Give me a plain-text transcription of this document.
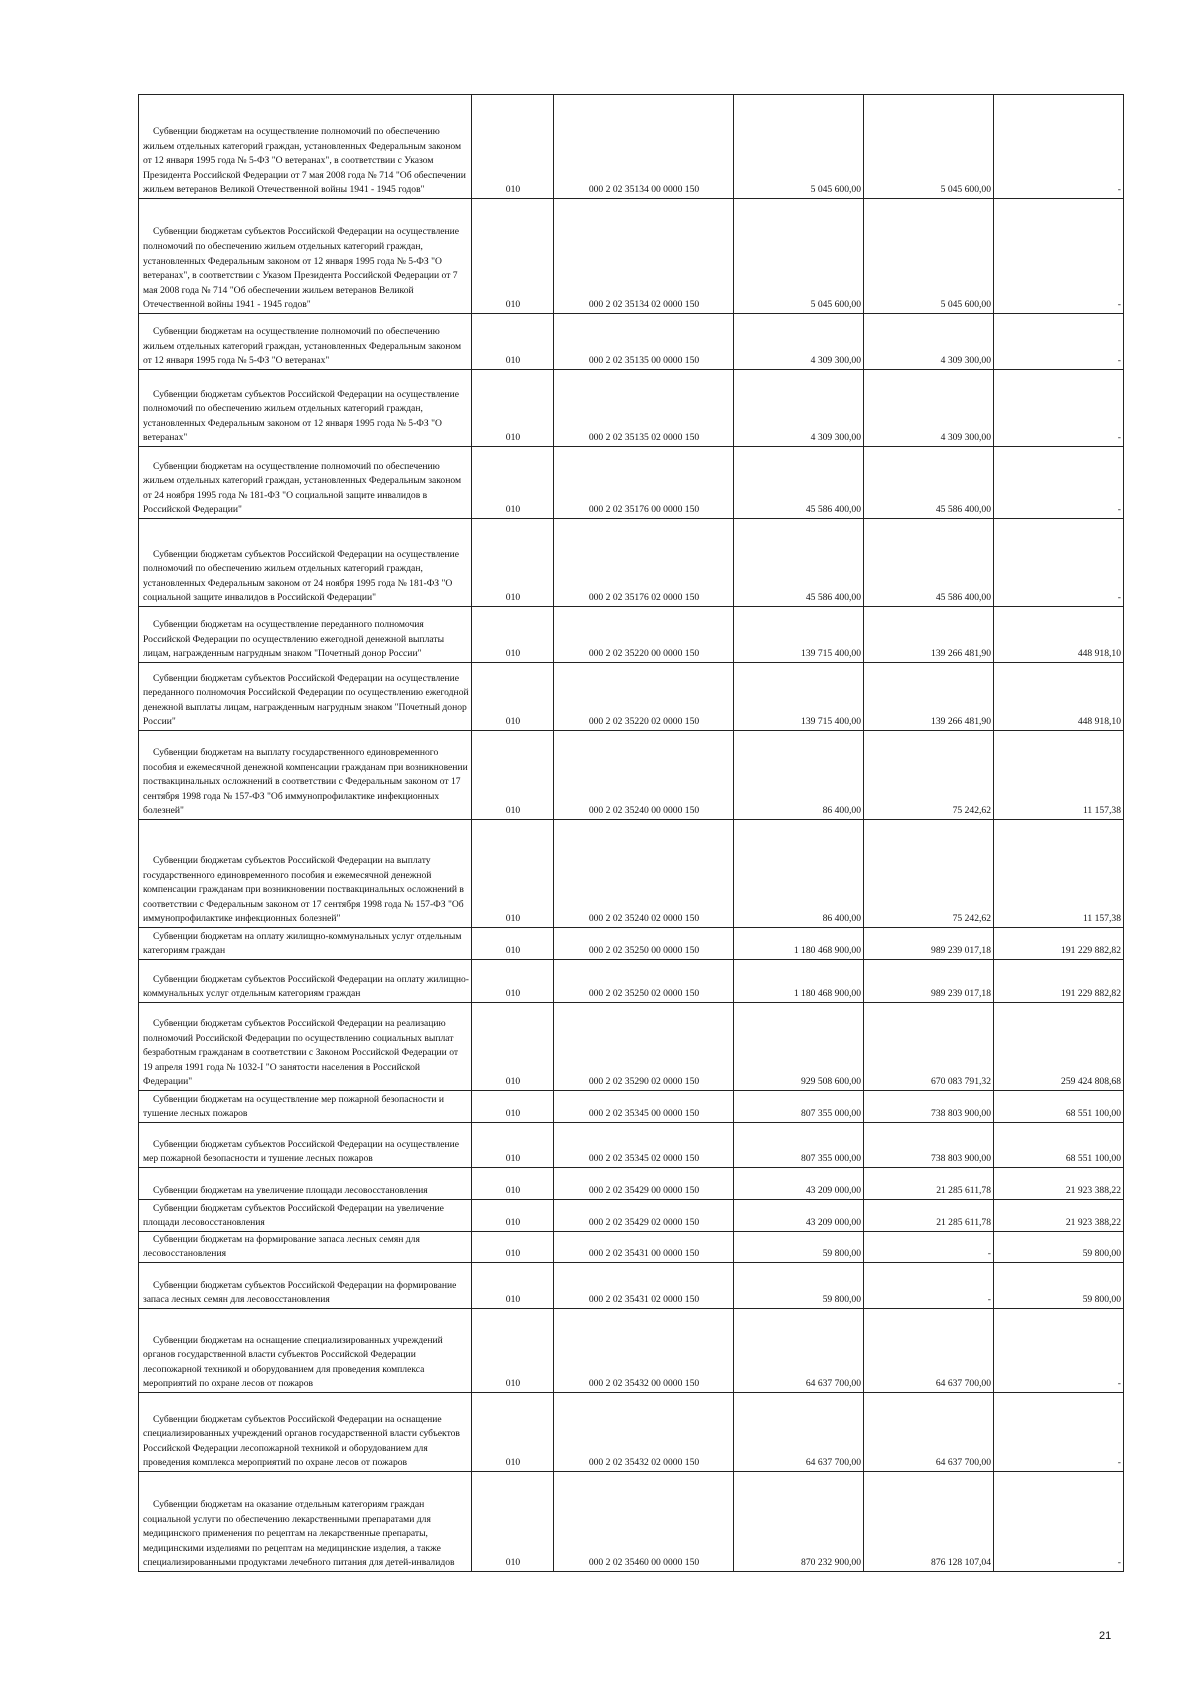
Субвенции бюджетам на осуществление полномочий по обеспечению жильем отдельных категорий граждан, установленных Федеральным законом от 12 января 1995 года № 5-ФЗ "О ветеранах", в соответствии с Указом Президента Российской Федерации от 7 мая 2008 года № 714 "Об обеспечении жильем ветеранов Великой Отечественной войны 1941 - 1945 годов"	010	000 2 02 35134 00 0000 150	5 045 600,00	5 045 600,00	-

Субвенции бюджетам субъектов Российской Федерации на осуществление полномочий по обеспечению жильем отдельных категорий граждан, установленных Федеральным законом от 12 января 1995 года № 5-ФЗ "О ветеранах", в соответствии с Указом Президента Российской Федерации от 7 мая 2008 года № 714 "Об обеспечении жильем ветеранов Великой Отечественной войны 1941 - 1945 годов"	010	000 2 02 35134 02 0000 150	5 045 600,00	5 045 600,00	-

Субвенции бюджетам на осуществление полномочий по обеспечению жильем отдельных категорий граждан, установленных Федеральным законом от 12 января 1995 года № 5-ФЗ "О ветеранах"	010	000 2 02 35135 00 0000 150	4 309 300,00	4 309 300,00	-

Субвенции бюджетам субъектов Российской Федерации на осуществление полномочий по обеспечению жильем отдельных категорий граждан, установленных Федеральным законом от 12 января 1995 года № 5-ФЗ "О ветеранах"	010	000 2 02 35135 02 0000 150	4 309 300,00	4 309 300,00	-

Субвенции бюджетам на осуществление полномочий по обеспечению жильем отдельных категорий граждан, установленных Федеральным законом от 24 ноября 1995 года № 181-ФЗ "О социальной защите инвалидов в Российской Федерации"	010	000 2 02 35176 00 0000 150	45 586 400,00	45 586 400,00	-

Субвенции бюджетам субъектов Российской Федерации на осуществление полномочий по обеспечению жильем отдельных категорий граждан, установленных Федеральным законом от 24 ноября 1995 года № 181-ФЗ "О социальной защите инвалидов в Российской Федерации"	010	000 2 02 35176 02 0000 150	45 586 400,00	45 586 400,00	-

Субвенции бюджетам на осуществление переданного полномочия Российской Федерации по осуществлению ежегодной денежной выплаты лицам, награжденным нагрудным знаком "Почетный донор России"	010	000 2 02 35220 00 0000 150	139 715 400,00	139 266 481,90	448 918,10

Субвенции бюджетам субъектов Российской Федерации на осуществление переданного полномочия Российской Федерации по осуществлению ежегодной денежной выплаты лицам, награжденным нагрудным знаком "Почетный донор России"	010	000 2 02 35220 02 0000 150	139 715 400,00	139 266 481,90	448 918,10

Субвенции бюджетам на выплату государственного единовременного пособия и ежемесячной денежной компенсации гражданам при возникновении поствакцинальных осложнений в соответствии с Федеральным законом от 17 сентября 1998 года № 157-ФЗ "Об иммунопрофилактике инфекционных болезней"	010	000 2 02 35240 00 0000 150	86 400,00	75 242,62	11 157,38

Субвенции бюджетам субъектов Российской Федерации на выплату государственного единовременного пособия и ежемесячной денежной компенсации гражданам при возникновении поствакцинальных осложнений в соответствии с Федеральным законом от 17 сентября 1998 года № 157-ФЗ "Об иммунопрофилактике инфекционных болезней"	010	000 2 02 35240 02 0000 150	86 400,00	75 242,62	11 157,38

Субвенции бюджетам на оплату жилищно-коммунальных услуг отдельным категориям граждан	010	000 2 02 35250 00 0000 150	1 180 468 900,00	989 239 017,18	191 229 882,82

Субвенции бюджетам субъектов Российской Федерации на оплату жилищно-коммунальных услуг отдельным категориям граждан	010	000 2 02 35250 02 0000 150	1 180 468 900,00	989 239 017,18	191 229 882,82

Субвенции бюджетам субъектов Российской Федерации на реализацию полномочий Российской Федерации по осуществлению социальных выплат безработным гражданам в соответствии с Законом Российской Федерации от 19 апреля 1991 года № 1032-I "О занятости населения в Российской Федерации"	010	000 2 02 35290 02 0000 150	929 508 600,00	670 083 791,32	259 424 808,68

Субвенции бюджетам на осуществление мер пожарной безопасности и тушение лесных пожаров	010	000 2 02 35345 00 0000 150	807 355 000,00	738 803 900,00	68 551 100,00

Субвенции бюджетам субъектов Российской Федерации на осуществление мер пожарной безопасности и тушение лесных пожаров	010	000 2 02 35345 02 0000 150	807 355 000,00	738 803 900,00	68 551 100,00

Субвенции бюджетам на увеличение площади лесовосстановления	010	000 2 02 35429 00 0000 150	43 209 000,00	21 285 611,78	21 923 388,22

Субвенции бюджетам субъектов Российской Федерации на увеличение площади лесовосстановления	010	000 2 02 35429 02 0000 150	43 209 000,00	21 285 611,78	21 923 388,22

Субвенции бюджетам на формирование запаса лесных семян для лесовосстановления	010	000 2 02 35431 00 0000 150	59 800,00	-	59 800,00

Субвенции бюджетам субъектов Российской Федерации на формирование запаса лесных семян для лесовосстановления	010	000 2 02 35431 02 0000 150	59 800,00	-	59 800,00

Субвенции бюджетам на оснащение специализированных учреждений органов государственной власти субъектов Российской Федерации лесопожарной техникой и оборудованием для проведения комплекса мероприятий по охране лесов от пожаров	010	000 2 02 35432 00 0000 150	64 637 700,00	64 637 700,00	-

Субвенции бюджетам субъектов Российской Федерации на оснащение специализированных учреждений органов государственной власти субъектов Российской Федерации лесопожарной техникой и оборудованием для проведения комплекса мероприятий по охране лесов от пожаров	010	000 2 02 35432 02 0000 150	64 637 700,00	64 637 700,00	-

Субвенции бюджетам на оказание отдельным категориям граждан социальной услуги по обеспечению лекарственными препаратами для медицинского применения по рецептам на лекарственные препараты, медицинскими изделиями по рецептам на медицинские изделия, а также специализированными продуктами лечебного питания для детей-инвалидов	010	000 2 02 35460 00 0000 150	870 232 900,00	876 128 107,04	-
21
